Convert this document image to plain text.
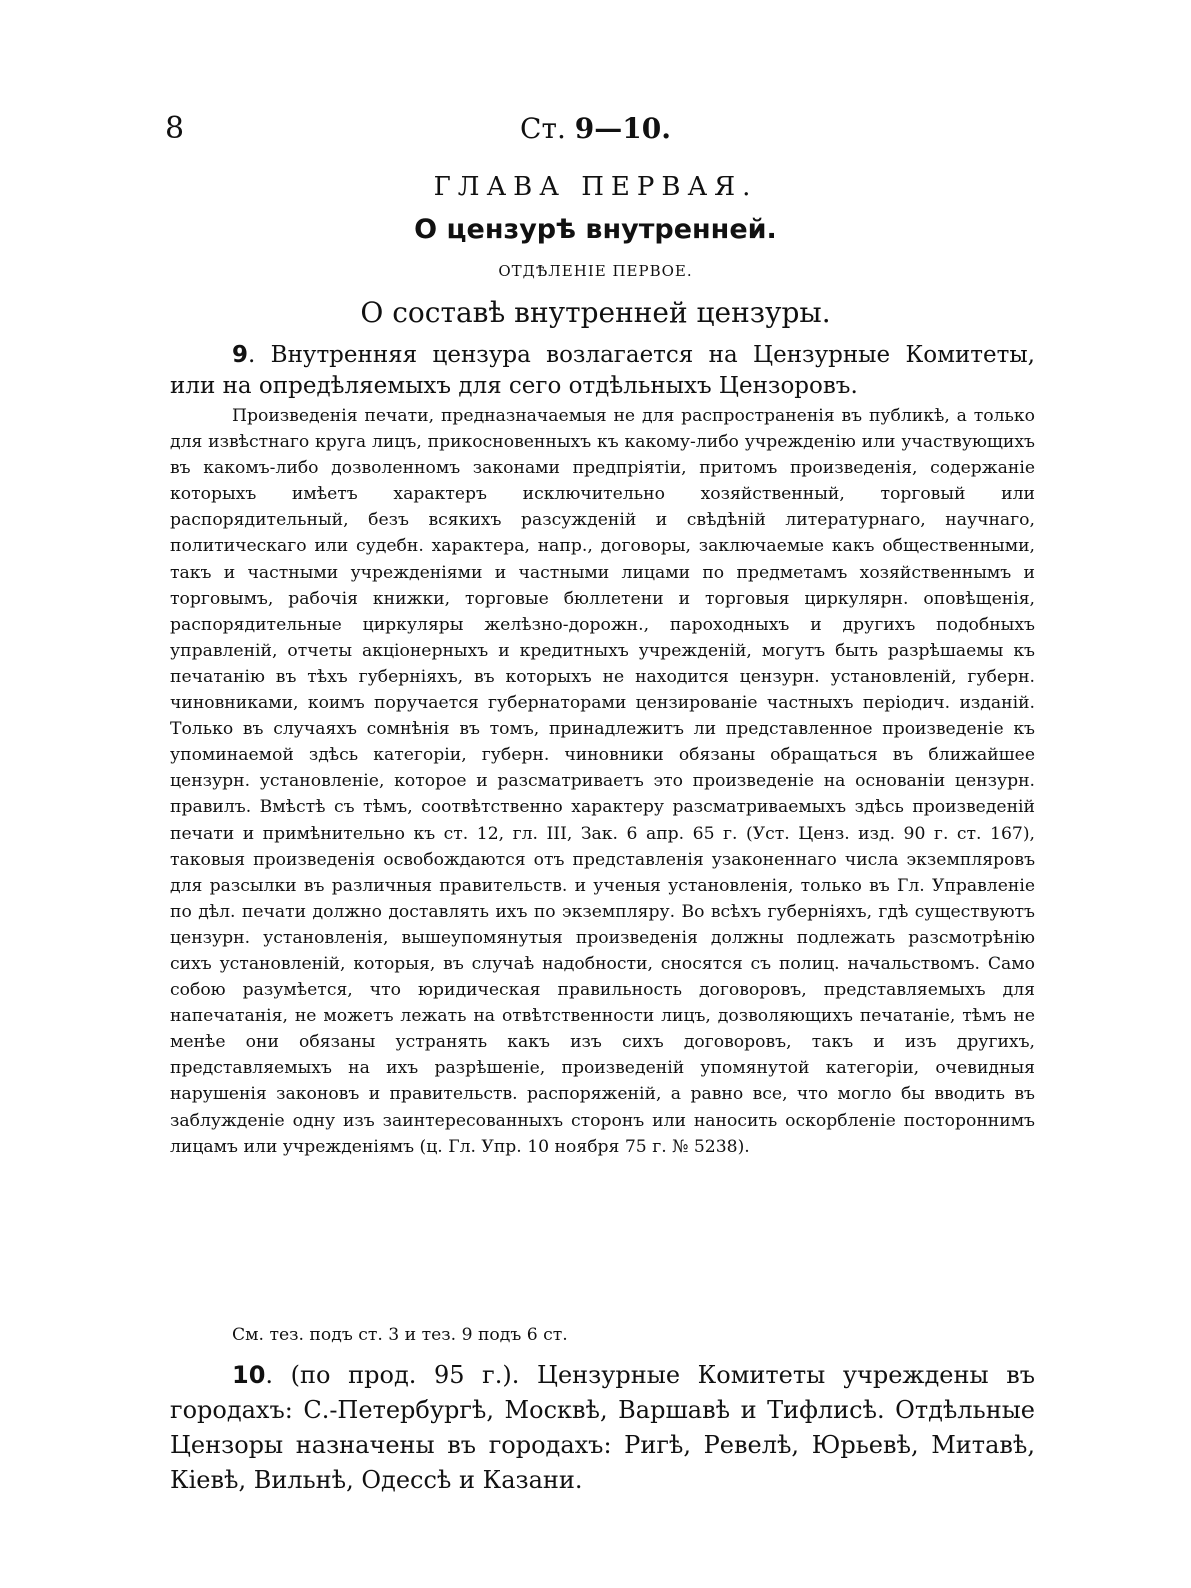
8	Ст. 9—10.
ГЛАВА ПЕРВАЯ.
О цензурѣ внутренней.
ОТДѢЛЕНІЕ ПЕРВОЕ.
О составѣ внутренней цензуры.
9. Внутренняя цензура возлагается на Цензурные Комитеты, или на опредѣляемыхъ для сего отдѣльныхъ Цензоровъ.
Произведенія печати, предназначаемыя не для распространенія въ публикѣ, а только для извѣстнаго круга лицъ, прикосновенныхъ къ какому-либо учрежденію или участвующихъ въ какомъ-либо дозволенномъ законами предпріятіи, притомъ произведенія, содержаніе которыхъ имѣетъ характеръ исключительно хозяйственный, торговый или распорядительный, безъ всякихъ разсужденій и свѣдѣній литературнаго, научнаго, политическаго или судебн. характера, напр., договоры, заключаемые какъ общественными, такъ и частными учрежденіями и частными лицами по предметамъ хозяйственнымъ и торговымъ, рабочія книжки, торговые бюллетени и торговыя циркулярн. оповѣщенія, распорядительные циркуляры желѣзно-дорожн., пароходныхъ и другихъ подобныхъ управленій, отчеты акціонерныхъ и кредитныхъ учрежденій, могутъ быть разрѣшаемы къ печатанію въ тѣхъ губерніяхъ, въ которыхъ не находится цензурн. установленій, губерн. чиновниками, коимъ поручается губернаторами цензированіе частныхъ періодич. изданій. Только въ случаяхъ сомнѣнія въ томъ, принадлежитъ ли представленное произведеніе къ упоминаемой здѣсь категоріи, губерн. чиновники обязаны обращаться въ ближайшее цензурн. установленіе, которое и разсматриваетъ это произведеніе на основаніи цензурн. правилъ. Вмѣстѣ съ тѣмъ, соотвѣтственно характеру разсматриваемыхъ здѣсь произведеній печати и примѣнительно къ ст. 12, гл. III, Зак. 6 апр. 65 г. (Уст. Ценз. изд. 90 г. ст. 167), таковыя произведенія освобождаются отъ представленія узаконеннаго числа экземпляровъ для разсылки въ различныя правительств. и ученыя установленія, только въ Гл. Управленіе по дѣл. печати должно доставлять ихъ по экземпляру. Во всѣхъ губерніяхъ, гдѣ существуютъ цензурн. установленія, вышеупомянутыя произведенія должны подлежать разсмотрѣнію сихъ установленій, которыя, въ случаѣ надобности, сносятся съ полиц. начальствомъ. Само собою разумѣется, что юридическая правильность договоровъ, представляемыхъ для напечатанія, не можетъ лежать на отвѣтственности лицъ, дозволяющихъ печатаніе, тѣмъ не менѣе они обязаны устранять какъ изъ сихъ договоровъ, такъ и изъ другихъ, представляемыхъ на ихъ разрѣшеніе, произведеній упомянутой категоріи, очевидныя нарушенія законовъ и правительств. распоряженій, а равно все, что могло бы вводить въ заблужденіе одну изъ заинтересованныхъ сторонъ или наносить оскорбленіе постороннимъ лицамъ или учрежденіямъ (ц. Гл. Упр. 10 ноября 75 г. № 5238).
См. тез. подъ ст. 3 и тез. 9 подъ 6 ст.
10. (по прод. 95 г.). Цензурные Комитеты учреждены въ городахъ: С.-Петербургѣ, Москвѣ, Варшавѣ и Тифлисѣ. Отдѣльные Цензоры назначены въ городахъ: Ригѣ, Ревелѣ, Юрьевѣ, Митавѣ, Кіевѣ, Вильнѣ, Одессѣ и Казани.
